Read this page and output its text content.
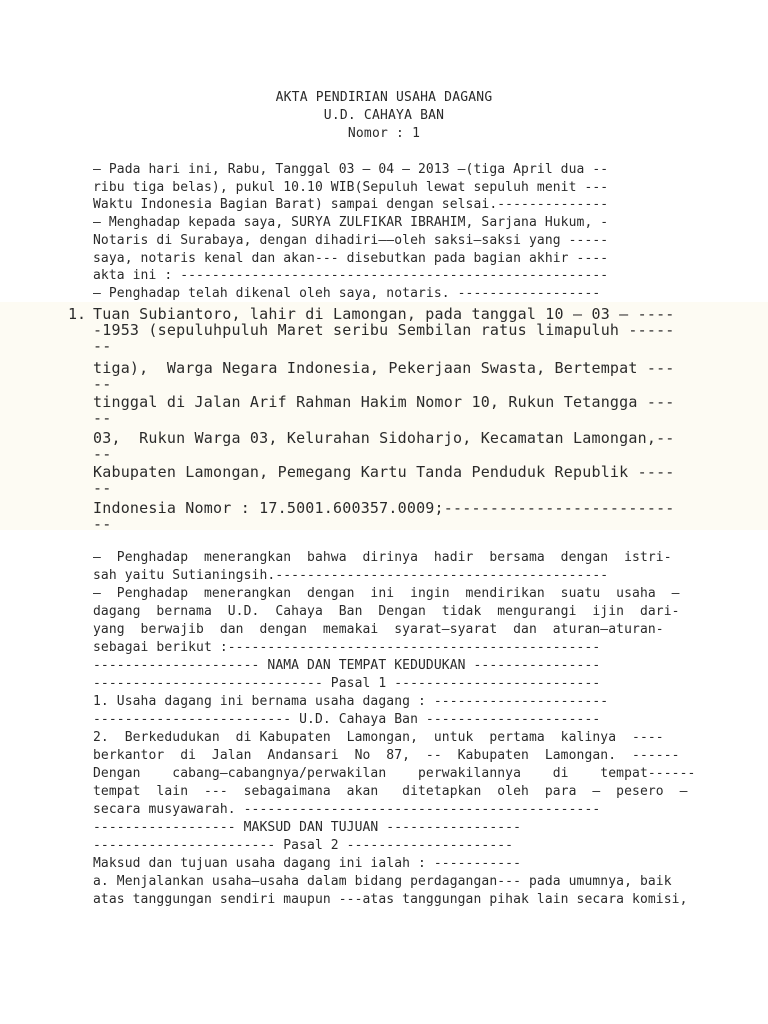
AKTA PENDIRIAN USAHA DAGANG
U.D. CAHAYA BAN
Nomor : 1
– Pada hari ini, Rabu, Tanggal 03 – 04 – 2013 –(tiga April dua --
ribu tiga belas), pukul 10.10 WIB(Sepuluh lewat sepuluh menit ---
Waktu Indonesia Bagian Barat) sampai dengan selsai.--------------
– Menghadap kepada saya, SURYA ZULFIKAR IBRAHIM, Sarjana Hukum, -
Notaris di Surabaya, dengan dihadiri––oleh saksi–saksi yang -----
saya, notaris kenal dan akan--- disebutkan pada bagian akhir ----
akta ini : ------------------------------------------------------
– Penghadap telah dikenal oleh saya, notaris. ------------------
1. Tuan Subiantoro, lahir di Lamongan, pada tanggal 10 – 03 – ----
-1953 (sepuluhpuluh Maret seribu Sembilan ratus limapuluh -----
--
tiga),  Warga Negara Indonesia, Pekerjaan Swasta, Bertempat ---
--
tinggal di Jalan Arif Rahman Hakim Nomor 10, Rukun Tetangga ---
--
03,  Rukun Warga 03, Kelurahan Sidoharjo, Kecamatan Lamongan,--
--
Kabupaten Lamongan, Pemegang Kartu Tanda Penduduk Republik ----
--
Indonesia Nomor : 17.5001.600357.0009;-------------------------
--
–  Penghadap  menerangkan  bahwa  dirinya  hadir  bersama  dengan  istri-
sah yaitu Sutianingsih.------------------------------------------
–  Penghadap  menerangkan  dengan  ini  ingin  mendirikan  suatu  usaha  –
dagang  bernama  U.D.  Cahaya  Ban  Dengan  tidak  mengurangi  ijin  dari-
yang  berwajib  dan  dengan  memakai  syarat–syarat  dan  aturan–aturan-
sebagai berikut :-----------------------------------------------
--------------------- NAMA DAN TEMPAT KEDUDUKAN ----------------
----------------------------- Pasal 1 --------------------------
1. Usaha dagang ini bernama usaha dagang : ----------------------
------------------------- U.D. Cahaya Ban ----------------------
2.  Berkedudukan  di Kabupaten  Lamongan,  untuk  pertama  kalinya  ----
berkantor  di  Jalan  Andansari  No  87,  --  Kabupaten  Lamongan.  ------
Dengan    cabang–cabangnya/perwakilan    perwakilannya    di    tempat------
tempat  lain  ---  sebagaimana  akan   ditetapkan  oleh  para  –  pesero  –
secara musyawarah. ---------------------------------------------
------------------ MAKSUD DAN TUJUAN -----------------
----------------------- Pasal 2 ---------------------
Maksud dan tujuan usaha dagang ini ialah : -----------
a. Menjalankan usaha–usaha dalam bidang perdagangan--- pada umumnya, baik
atas tanggungan sendiri maupun ---atas tanggungan pihak lain secara komisi,
